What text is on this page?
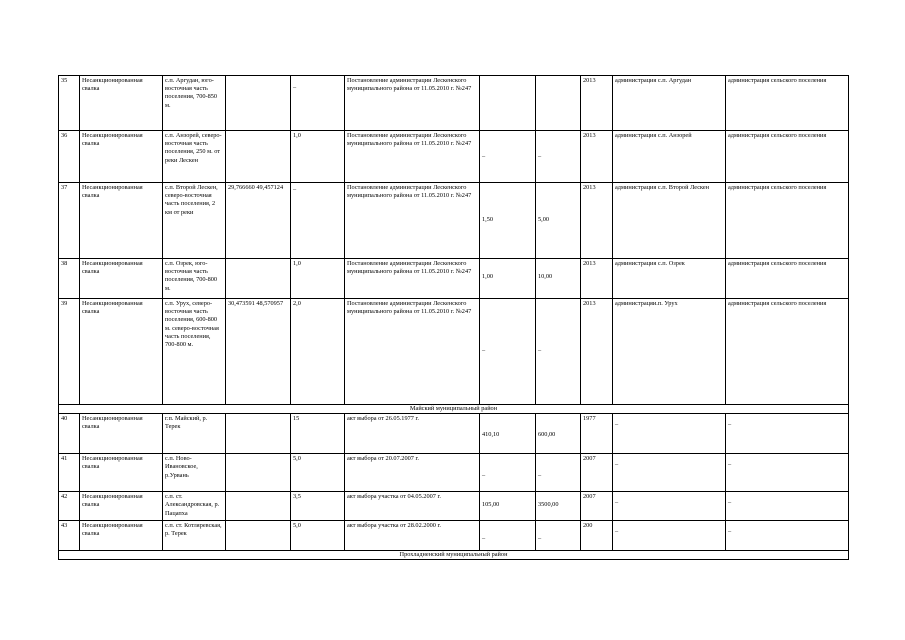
35	Несанкционированная свалка	с.п. Аргудан, юго-восточная часть поселения, 700-850 м.		_	Постановление администрации Лескенского муниципального района от 11.05.2010 г. №247			2013	администрация с.п. Аргудан	администрация сельского поселения
36	Несанкционированная свалка	с.п. Анзорей, северо-восточная часть поселения, 250 м. от реки Лескен		1,0	Постановление администрации Лескенского муниципального района от 11.05.2010 г. №247	_	_	2013	администрация с.п. Анзорей	администрация сельского поселения
37	Несанкционированная свалка	с.п. Второй Лескен, северо-восточная часть поселения, 2 км от реки	29,766660 49,457124	_	Постановление администрации Лескенского муниципального района от 11.05.2010 г. №247	1,50	5,00	2013	администрация с.п. Второй Лескен	администрация сельского поселения
38	Несанкционированная свалка	с.п. Озрек, юго-восточная часть поселения, 700-800 м.		1,0	Постановление администрации Лескенского муниципального района от 11.05.2010 г. №247	1,00	10,00	2013	администрация с.п. Озрек	администрация сельского поселения
39	Несанкционированная свалка	с.п. Урух, северо-восточная часть поселения, 600-800 м. северо-восточная часть поселения, 700-800 м.	30,473591 48,570957	2,0	Постановление администрации Лескенского муниципального района от 11.05.2010 г. №247	_	_	2013	администрацяи.п. Урух	администрация сельского поселения
Майский муниципальный район										
40	Несанкционированная свалка	г.п. Майский, р. Терек		15	акт выбора от 26.05.1977 г.	410,10	600,00	1977	_	_
41	Несанкционированная свалка	с.п. Ново-Ивановское, р.Урвань		5,0	акт выбора от 20.07.2007 г.	_	_	2007	_	_
42	Несанкционированная свалка	с.п. ст. Александровская, р. Пацапха		3,5	акт выбора участка от 04.05.2007 г.	105,00	3500,00	2007	_	_
43	Несанкционированная свалка	с.п. ст. Котляревская, р. Терек		5,0	акт выбора участка от 28.02.2000 г.	_	_	200	_	_
Прохладненский муниципальный район										
